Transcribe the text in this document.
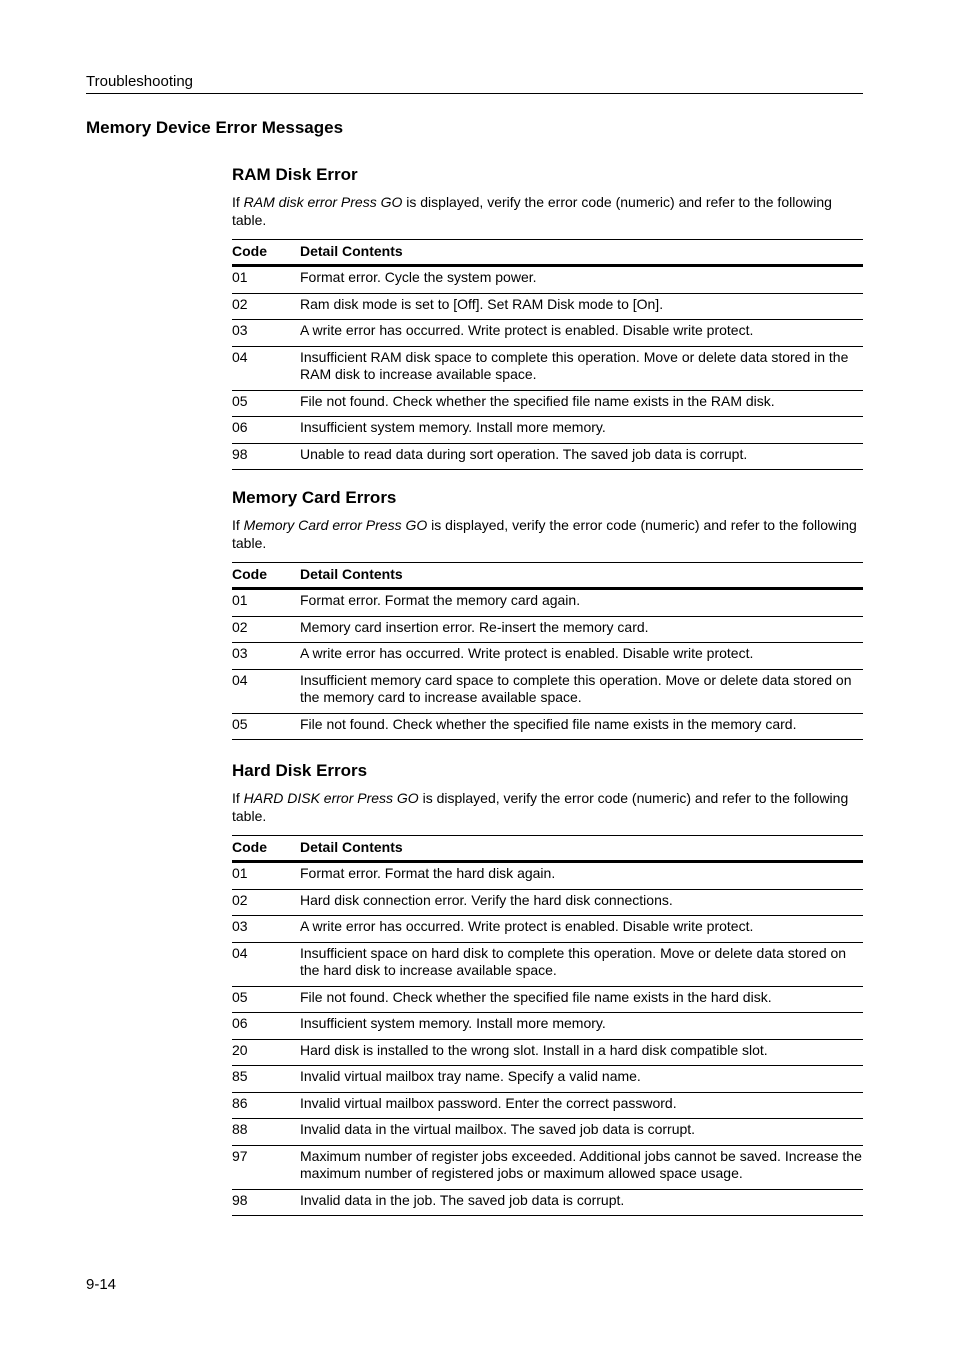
Troubleshooting
Memory Device Error Messages
RAM Disk Error

If RAM disk error Press GO is displayed, verify the error code (numeric) and refer to the following table.

Code	Detail Contents
01	Format error. Cycle the system power.
02	Ram disk mode is set to [Off]. Set RAM Disk mode to [On].
03	A write error has occurred. Write protect is enabled. Disable write protect.
04	Insufficient RAM disk space to complete this operation. Move or delete data stored in the RAM disk to increase available space.
05	File not found. Check whether the specified file name exists in the RAM disk.
06	Insufficient system memory. Install more memory.
98	Unable to read data during sort operation. The saved job data is corrupt.
Memory Card Errors

If Memory Card error Press GO is displayed, verify the error code (numeric) and refer to the following table.

Code	Detail Contents
01	Format error. Format the memory card again.
02	Memory card insertion error. Re-insert the memory card.
03	A write error has occurred. Write protect is enabled. Disable write protect.
04	Insufficient memory card space to complete this operation. Move or delete data stored on the memory card to increase available space.
05	File not found. Check whether the specified file name exists in the memory card.
Hard Disk Errors

If HARD DISK error Press GO is displayed, verify the error code (numeric) and refer to the following table.

Code	Detail Contents
01	Format error. Format the hard disk again.
02	Hard disk connection error. Verify the hard disk connections.
03	A write error has occurred. Write protect is enabled. Disable write protect.
04	Insufficient space on hard disk to complete this operation. Move or delete data stored on the hard disk to increase available space.
05	File not found. Check whether the specified file name exists in the hard disk.
06	Insufficient system memory. Install more memory.
20	Hard disk is installed to the wrong slot. Install in a hard disk compatible slot.
85	Invalid virtual mailbox tray name. Specify a valid name.
86	Invalid virtual mailbox password. Enter the correct password.
88	Invalid data in the virtual mailbox. The saved job data is corrupt.
97	Maximum number of register jobs exceeded. Additional jobs cannot be saved. Increase the maximum number of registered jobs or maximum allowed space usage.
98	Invalid data in the job. The saved job data is corrupt.
9-14
